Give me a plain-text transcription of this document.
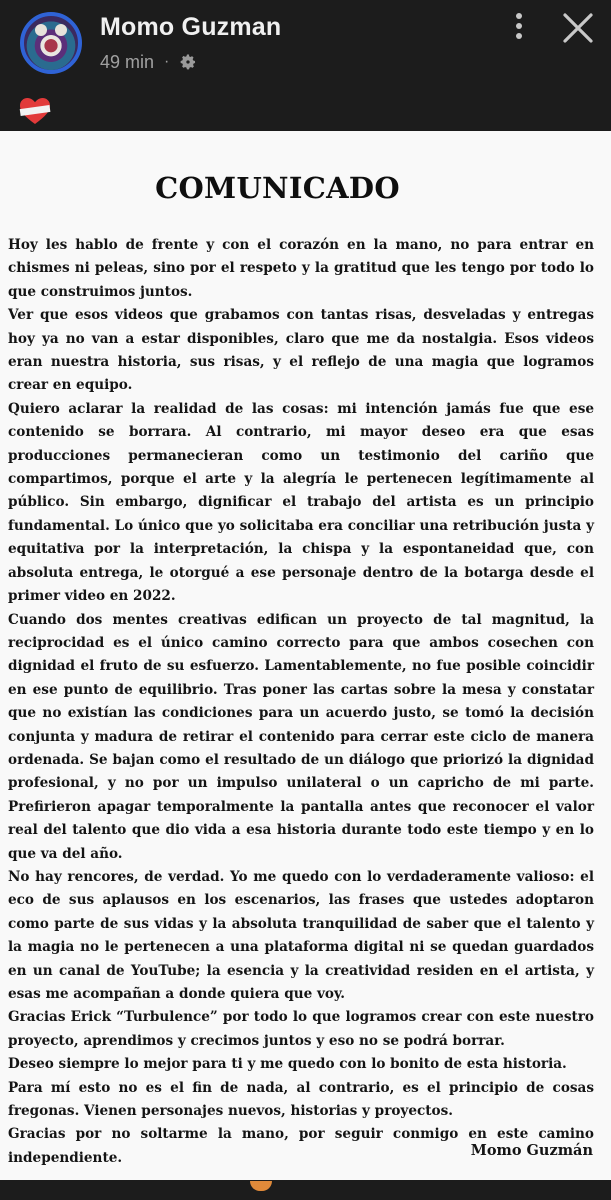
Momo Guzman
49 min ·
COMUNICADO

Hoy les hablo de frente y con el corazón en la mano, no para entrar en chismes ni peleas, sino por el respeto y la gratitud que les tengo por todo lo que construimos juntos.

Ver que esos videos que grabamos con tantas risas, desveladas y entregas hoy ya no van a estar disponibles, claro que me da nostalgia. Esos videos eran nuestra historia, sus risas, y el reflejo de una magia que logramos crear en equipo.

Quiero aclarar la realidad de las cosas: mi intención jamás fue que ese contenido se borrara. Al contrario, mi mayor deseo era que esas producciones permanecieran como un testimonio del cariño que compartimos, porque el arte y la alegría le pertenecen legítimamente al público. Sin embargo, dignificar el trabajo del artista es un principio fundamental. Lo único que yo solicitaba era conciliar una retribución justa y equitativa por la interpretación, la chispa y la espontaneidad que, con absoluta entrega, le otorgué a ese personaje dentro de la botarga desde el primer video en 2022.

Cuando dos mentes creativas edifican un proyecto de tal magnitud, la reciprocidad es el único camino correcto para que ambos cosechen con dignidad el fruto de su esfuerzo. Lamentablemente, no fue posible coincidir en ese punto de equilibrio. Tras poner las cartas sobre la mesa y constatar que no existían las condiciones para un acuerdo justo, se tomó la decisión conjunta y madura de retirar el contenido para cerrar este ciclo de manera ordenada. Se bajan como el resultado de un diálogo que priorizó la dignidad profesional, y no por un impulso unilateral o un capricho de mi parte. Prefirieron apagar temporalmente la pantalla antes que reconocer el valor real del talento que dio vida a esa historia durante todo este tiempo y en lo que va del año.

No hay rencores, de verdad. Yo me quedo con lo verdaderamente valioso: el eco de sus aplausos en los escenarios, las frases que ustedes adoptaron como parte de sus vidas y la absoluta tranquilidad de saber que el talento y la magia no le pertenecen a una plataforma digital ni se quedan guardados en un canal de YouTube; la esencia y la creatividad residen en el artista, y esas me acompañan a donde quiera que voy.

Gracias Erick “Turbulence” por todo lo que logramos crear con este nuestro proyecto, aprendimos y crecimos juntos y eso no se podrá borrar.

Deseo siempre lo mejor para ti y me quedo con lo bonito de esta historia.

Para mí esto no es el fin de nada, al contrario, es el principio de cosas fregonas. Vienen personajes nuevos, historias y proyectos.

Gracias por no soltarme la mano, por seguir conmigo en este camino independiente.	Momo Guzmán
